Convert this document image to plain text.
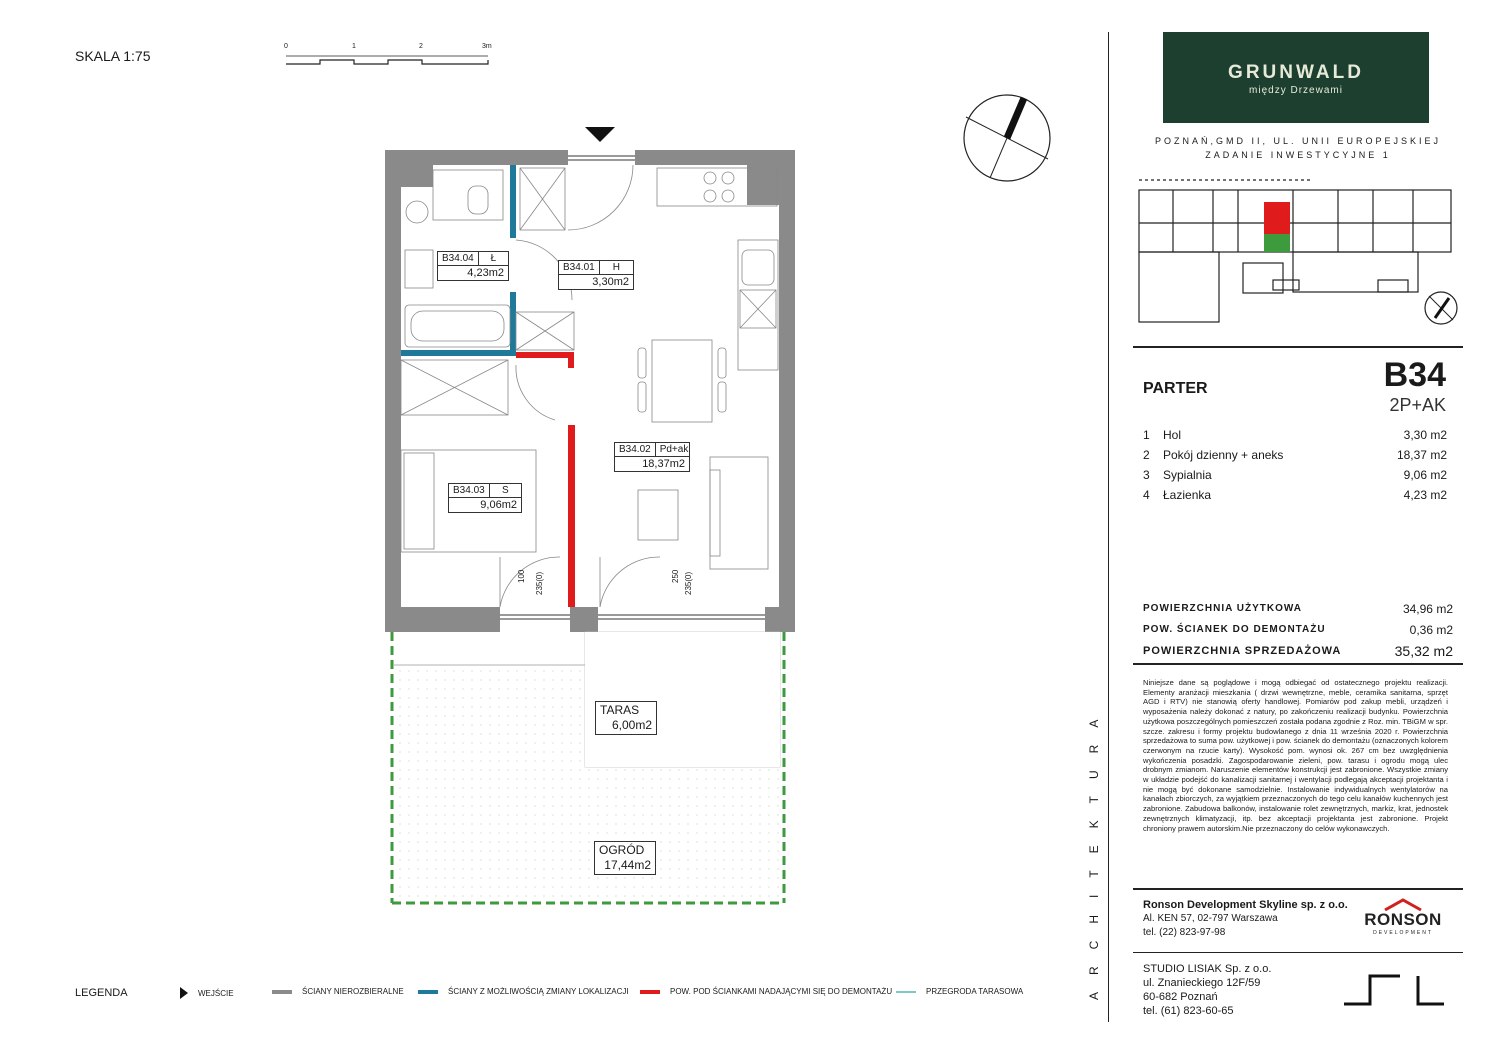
SKALA 1:75
0	1	2	3m
B34.04	Ł
4,23m2	B34.01	H
3,30m2
B34.02 Pd+ak
18,37m2
B34.03	S
9,06m2
TARAS
6,00m2
OGRÓD
17,44m2
100 235(0)	250 235(0)
ARCHITEKTURA
GRUNWALD
między Drzewami
POZNAŃ,GMD II, UL. UNII EUROPEJSKIEJ
ZADANIE INWESTYCYJNE 1
PARTER	B34
2P+AK
1	Hol	3,30 m2
2	Pokój dzienny + aneks	18,37 m2
3	Sypialnia	9,06 m2
4	Łazienka	4,23 m2
POWIERZCHNIA UŻYTKOWA	34,96 m2
POW. ŚCIANEK DO DEMONTAŻU	0,36 m2
POWIERZCHNIA SPRZEDAŻOWA	35,32 m2
Niniejsze dane są poglądowe i mogą odbiegać od ostatecznego projektu realizacji. Elementy aranżacji mieszkania ( drzwi wewnętrzne, meble, ceramika sanitarna, sprzęt AGD i RTV) nie stanowią oferty handlowej. Pomiarów pod zakup mebli, urządzeń i wyposażenia należy dokonać z natury, po zakończeniu realizacji budynku. Powierzchnia użytkowa poszczególnych pomieszczeń została podana zgodnie z Roz. min. TBiGM w spr. szcze. zakresu i formy projektu budowlanego z dnia 11 września 2020 r. Powierzchnia sprzedażowa to suma pow. użytkowej i pow. ścianek do demontażu (oznaczonych kolorem czerwonym na rzucie karty). Wysokość pom. wynosi ok. 267 cm bez uwzględnienia wykończenia posadzki. Zagospodarowanie zieleni, pow. tarasu i ogrodu mogą ulec drobnym zmianom. Naruszenie elementów konstrukcji jest zabronione. Wszystkie zmiany w układzie podejść do kanalizacji sanitarnej i wentylacji podlegają akceptacji projektanta i nie mogą być dokonane samodzielnie. Instalowanie indywidualnych wentylatorów na kanałach zbiorczych, za wyjątkiem przeznaczonych do tego celu kanałów kuchennych jest zabronione. Zabudowa balkonów, instalowanie rolet zewnętrznych, markiz, krat, jednostek zewnętrznych klimatyzacji, itp. bez akceptacji projektanta jest zabronione. Projekt chroniony prawem autorskim.Nie przeznaczony do celów wykonawczych.
Ronson Development Skyline sp. z o.o.
Al. KEN 57, 02-797 Warszawa
tel. (22) 823-97-98
RONSON
DEVELOPMENT
STUDIO LISIAK Sp. z o.o.
ul. Znanieckiego 12F/59
60-682 Poznań
tel. (61) 823-60-65
LEGENDA	WEJŚCIE	ŚCIANY NIEROZBIERALNE	ŚCIANY Z MOŻLIWOŚCIĄ ZMIANY LOKALIZACJI	POW. POD ŚCIANKAMI NADAJĄCYMI SIĘ DO DEMONTAŻU	PRZEGRODA TARASOWA
